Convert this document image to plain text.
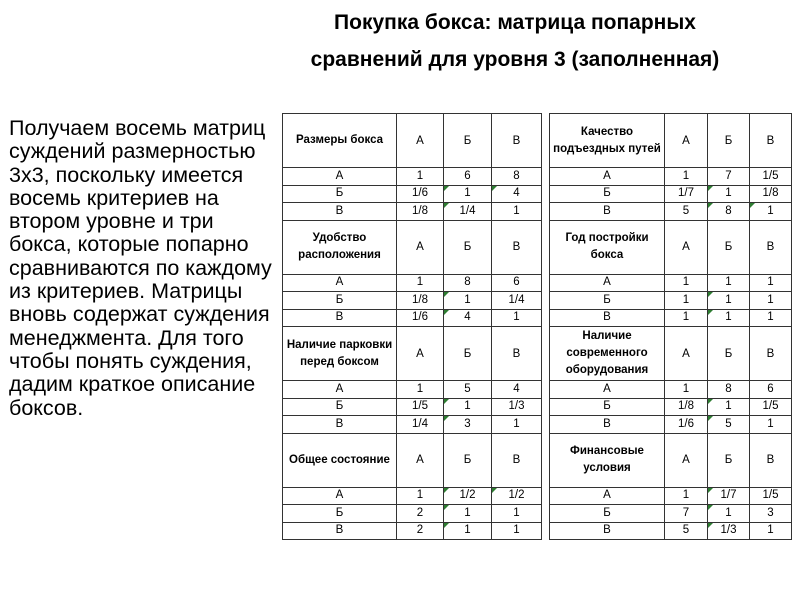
Покупка бокса: матрица попарных
сравнений для уровня 3 (заполненная)
Получаем восемь матриц суждений размерностью 3x3, поскольку имеется восемь критериев на втором уровне и три бокса, которые попарно сравниваются по каждому из критериев. Матрицы вновь содержат суждения менеджмента. Для того чтобы понять суждения, дадим краткое описание боксов.
Размеры бокса	А	Б	В		Качество подъездных путей	А	Б	В
А	1	6	8		А	1	7	1/5
Б	1/6	1	4		Б	1/7	1	1/8
В	1/8	1/4	1		В	5	8	1
Удобство расположения	А	Б	В		Год постройки бокса	А	Б	В
А	1	8	6		А	1	1	1
Б	1/8	1	1/4		Б	1	1	1
В	1/6	4	1		В	1	1	1
Наличие парковки перед боксом	А	Б	В		Наличие современного оборудования	А	Б	В
А	1	5	4		А	1	8	6
Б	1/5	1	1/3		Б	1/8	1	1/5
В	1/4	3	1		В	1/6	5	1
Общее состояние	А	Б	В		Финансовые условия	А	Б	В
А	1	1/2	1/2		А	1	1/7	1/5
Б	2	1	1		Б	7	1	3
В	2	1	1		В	5	1/3	1
